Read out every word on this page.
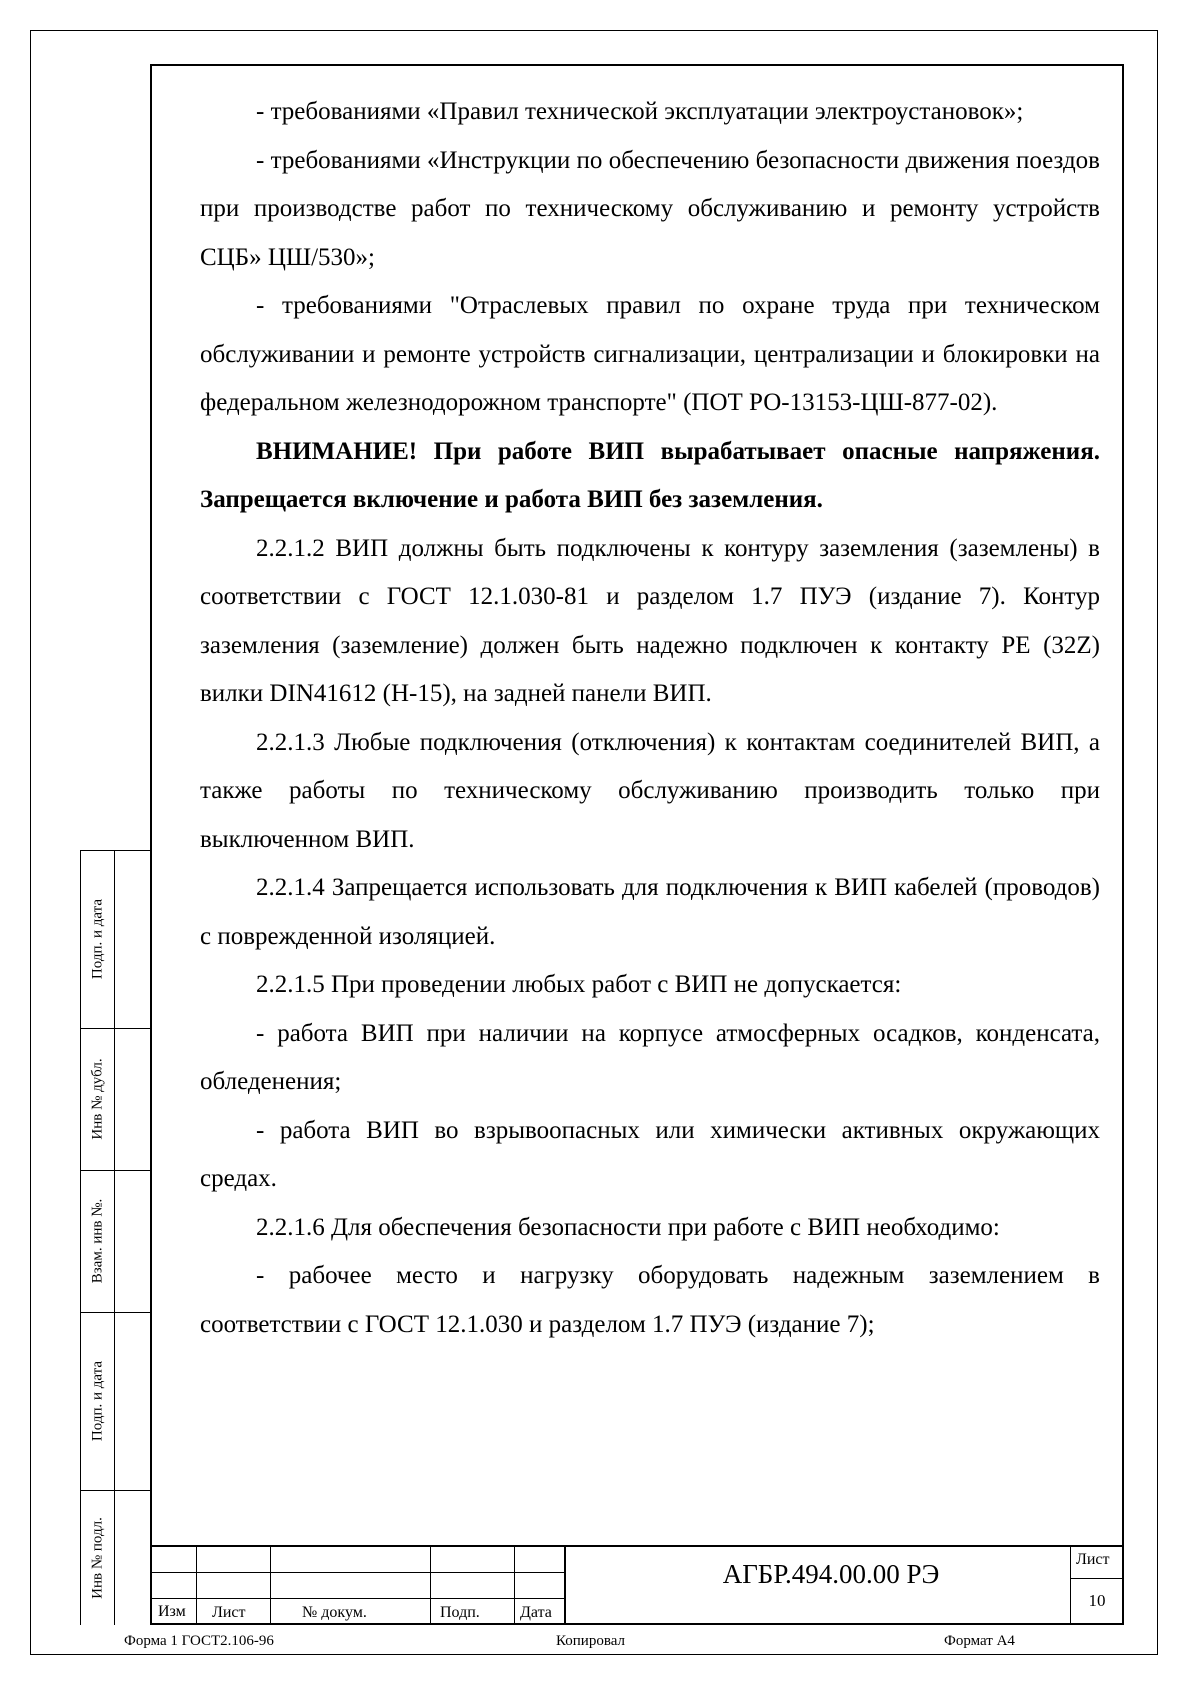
- требованиями «Правил технической эксплуатации электроустановок»;

- требованиями «Инструкции по обеспечению безопасности движения поездов при производстве работ по техническому обслуживанию и ремонту устройств СЦБ» ЦШ/530»;

- требованиями "Отраслевых правил по охране труда при техническом обслуживании и ремонте устройств сигнализации, централизации и блокировки на федеральном железнодорожном транспорте" (ПОТ РО-13153-ЦШ-877-02).

ВНИМАНИЕ! При работе ВИП вырабатывает опасные напряжения. Запрещается включение и работа ВИП без заземления.

2.2.1.2 ВИП должны быть подключены к контуру заземления (заземлены) в соответствии с ГОСТ 12.1.030-81 и разделом 1.7 ПУЭ (издание 7). Контур заземления (заземление) должен быть надежно подключен к контакту PE (32Z) вилки DIN41612 (Н-15), на задней панели ВИП.

2.2.1.3 Любые подключения (отключения) к контактам соединителей ВИП, а также работы по техническому обслуживанию производить только при выключенном ВИП.

2.2.1.4 Запрещается использовать для подключения к ВИП кабелей (проводов) с поврежденной изоляцией.

2.2.1.5 При проведении любых работ с ВИП не допускается:

- работа ВИП при наличии на корпусе атмосферных осадков, конденсата, обледенения;

- работа ВИП во взрывоопасных или химически активных окружающих средах.

2.2.1.6 Для обеспечения безопасности при работе с ВИП необходимо:

- рабочее место и нагрузку оборудовать надежным заземлением в соответствии с ГОСТ 12.1.030 и разделом 1.7 ПУЭ (издание 7);

Подп. и дата
Инв № дубл.
Взам. инв №.
Подп. и дата
Инв № подл.
Изм Лист	№ докум.	Подп.	Дата
АГБР.494.00.00 РЭ	Лист
10
Форма 1 ГОСТ2.106-96	Копировал	Формат А4
